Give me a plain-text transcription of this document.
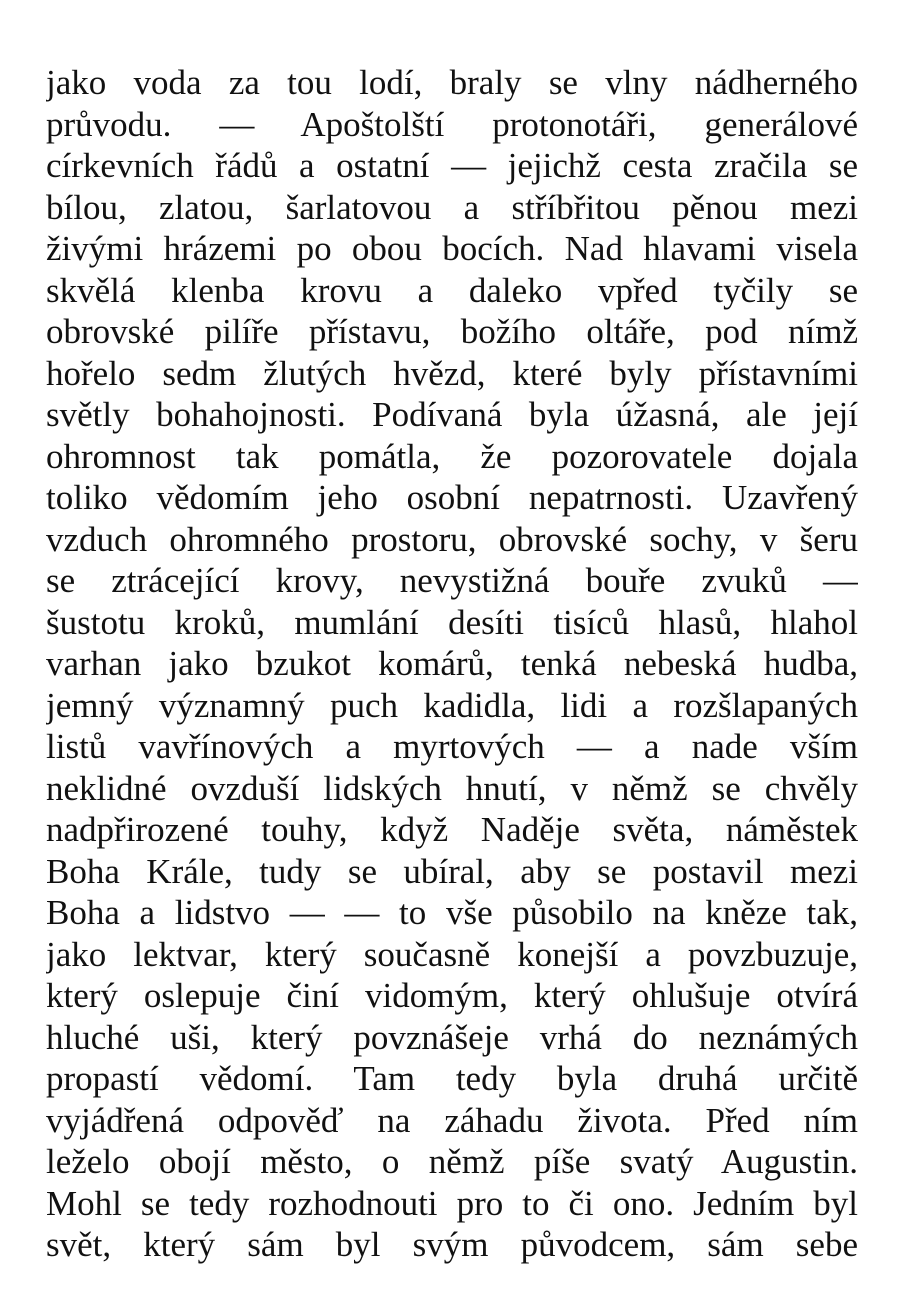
jako voda za tou lodí, braly se vlny nádherného
průvodu. — Apoštolští protonotáři, generálové
církevních řádů a ostatní — jejichž cesta zračila se
bílou, zlatou, šarlatovou a stříbřitou pěnou mezi
živými hrázemi po obou bocích. Nad hlavami visela
skvělá klenba krovu a daleko vpřed tyčily se
obrovské pilíře přístavu, božího oltáře, pod nímž
hořelo sedm žlutých hvězd, které byly přístavními
světly bohahojnosti. Podívaná byla úžasná, ale její
ohromnost tak pomátla, že pozorovatele dojala
toliko vědomím jeho osobní nepatrnosti. Uzavřený
vzduch ohromného prostoru, obrovské sochy, v šeru
se ztrácející krovy, nevystižná bouře zvuků —
šustotu kroků, mumlání desíti tisíců hlasů, hlahol
varhan jako bzukot komárů, tenká nebeská hudba,
jemný významný puch kadidla, lidi a rozšlapaných
listů vavřínových a myrtových — a nade vším
neklidné ovzduší lidských hnutí, v němž se chvěly
nadpřirozené touhy, když Naděje světa, náměstek
Boha Krále, tudy se ubíral, aby se postavil mezi
Boha a lidstvo — — to vše působilo na kněze tak,
jako lektvar, který současně konejší a povzbuzuje,
který oslepuje činí vidomým, který ohlušuje otvírá
hluché uši, který povznášeje vrhá do neznámých
propastí vědomí. Tam tedy byla druhá určitě
vyjádřená odpověď na záhadu života. Před ním
leželo obojí město, o němž píše svatý Augustin.
Mohl se tedy rozhodnouti pro to či ono. Jedním byl
svět, který sám byl svým původcem, sám sebe
